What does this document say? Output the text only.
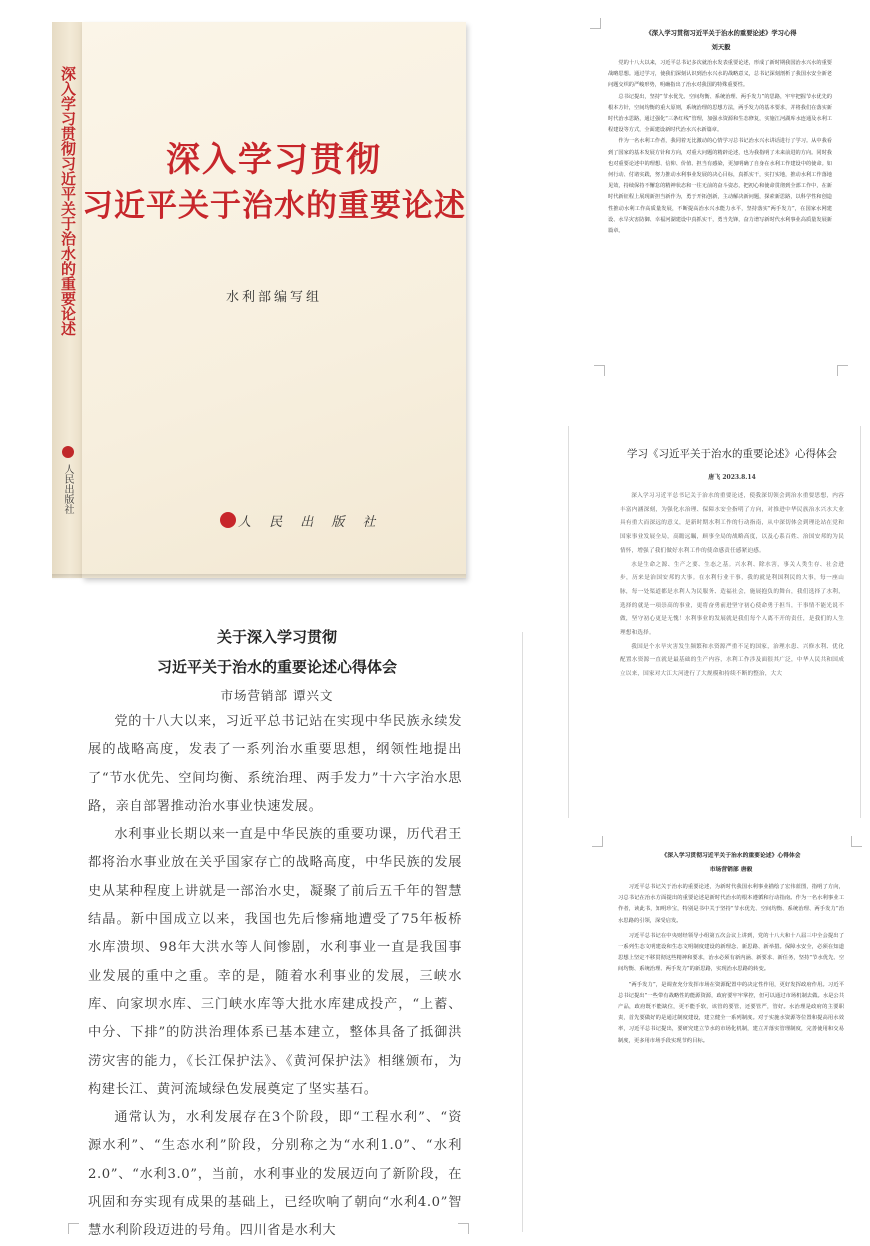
深入学习贯彻习近平关于治水的重要论述
人民出版社
深入学习贯彻
习近平关于治水的重要论述
水利部编写组
人 民 出 版 社
《深入学习贯彻习近平关于治水的重要论述》学习心得
刘天毅

党的十八大以来，习近平总书记多次就治水发表重要论述，形成了新时期我国治水兴水的重要战略思想。通过学习，使我们深刻认识到治水兴水的战略意义，总书记深刻剖析了我国水安全新老问题交织的严峻形势，明确指出了治水对我国的特殊重要性。

总书记提出，坚持“节水优先、空间均衡、系统治理、两手发力”的思路，牢牢把握节水优先的根本方针，空间均衡的重大原则，系统治理的思想方法，两手发力的基本要求，并将我们在落实新时代治水思路，通过强化“三条红线”管理，加强水资源和生态修复，实施江河湖库水连通及水利工程建设等方式，全面建设新时代治水兴水新篇章。

作为一名水利工作者，我同着无比激动的心情学习总书记治水兴水讲话进行了学习。从中我看到了国家的基本发展方针和方向，对重大问题的精辟论述，也为我指明了未来前进的方向。同时我也对重要论述中的理想、信仰、价值、担当有感染，更加明确了自身在水利工作建设中的使命。如何行动、付诸实践，努力推动水利事业发展的决心目标，真抓实干，实打实地，推动水利工作落地见效，持续保持不懈怠的精神状态和一往无前的奋斗姿态，把初心和使命贯彻到全部工作中，在新时代新征程上展现新担当新作为，勇于开拓创新，主动解决新问题，探索新思路，以科学性和创造性推动水利工作高质量发展，不断提高治水兴水能力水平，坚持落实“两手发力”，在国家水网建设、水旱灾害防御、幸福河湖建设中真抓实干，勇当先锋，奋力谱写新时代水利事业高质量发展新篇章。

学习《习近平关于治水的重要论述》心得体会
唐飞 2023.8.14

深入学习习近平总书记关于治水的重要论述，使我深切领会到治水重要思想，内容丰富内涵深刻，为强化水治理、保障水安全指明了方向，对推进中华民族治水兴水大业具有重大而深远的意义，是新时期水利工作的行动指南，从中深切体会到理论站在党和国家事业发展全局，高瞻远瞩，顾事全局的战略高度，以及心系百姓、治国安邦的为民情怀，增强了我们做好水利工作的使命感责任感紧迫感。

水是生命之源、生产之要、生态之基。兴水利、除水害，事关人类生存、社会进步，历来是治国安邦的大事。在水利行业干事，我的就是利国利民的大事，每一座山脉，每一处渠道都是水利人为民服务、造福社会，施展抱负的舞台，我们选择了水利，选择的就是一项崇高的事业，更将奋勇前进坚守初心使命勇于担当，干事情不能光说不做，坚守初心更是无愧！水利事业的发展就是我们每个人离不开的责任，是我们的人生理想和选择。

我国是个水旱灾害发生频繁和水资源严重不足的国家，治理水患、兴修水利、优化配置水资源一直就是最基础的生产内容，水利工作涉及面很其广泛，中华人民共和国成立以来，国家对大江大河进行了大规模和持续不断的整治，大大

《深入学习贯彻习近平关于治水的重要论述》心得体会
市场营销部 唐毅

习近平总书记关于治水的重要论述，为新时代我国水利事业描绘了宏伟蓝图，指明了方向，习总书记在治水方面提出的重要论述是新时代治水的根本遵循和行动指南。作为一名水利事业工作者，读此书，知明珍宝，特别是书中关于坚持“节水优先、空间均衡、系统治理、两手发力”治水思路的引领，深受启发。

习近平总书记在中央财经领导小组第五次会议上讲到，党的十八大和十八届三中全会提出了一系列生态文明建设和生态文明制度建设的新理念、新思路、新举措。保障水安全，必须在知道思想上坚定不移贯彻这些精神和要求，治水必须有新内涵、新要求、新任务，坚持“节水优先、空间均衡、系统治理、两手发力”的新思路，实现治水思路的转变。

“两手发力”，是调查充分发挥市场在资源配置中的决定性作用，更好发挥政府作用。习近平总书记提出“一些带有战略性的能源资源，政府要牢牢掌控，但可以通过市场机制去做。水是公共产品，政府既不能缺位，更不能手软，该管的要管，还要管严，管好。水治理是政府的主要职责，首先要做好的是通过制度建设，建立健全一系列制度。对于实施水资源等位置和提高用水效率，习近平总书记提出，要研究建立节水的市场化机制，建立并落实管理制度，完善使用和交易制度，更多用市场手段实现节约目标。

关于深入学习贯彻
习近平关于治水的重要论述心得体会
市场营销部 谭兴文

党的十八大以来，习近平总书记站在实现中华民族永续发展的战略高度，发表了一系列治水重要思想，纲领性地提出了“节水优先、空间均衡、系统治理、两手发力”十六字治水思路，亲自部署推动治水事业快速发展。

水利事业长期以来一直是中华民族的重要功课，历代君王都将治水事业放在关乎国家存亡的战略高度，中华民族的发展史从某种程度上讲就是一部治水史，凝聚了前后五千年的智慧结晶。新中国成立以来，我国也先后惨痛地遭受了75年板桥水库溃坝、98年大洪水等人间惨剧，水利事业一直是我国事业发展的重中之重。幸的是，随着水利事业的发展，三峡水库、向家坝水库、三门峡水库等大批水库建成投产，“上蓄、中分、下排”的防洪治理体系已基本建立，整体具备了抵御洪涝灾害的能力，《长江保护法》、《黄河保护法》相继颁布，为构建长江、黄河流域绿色发展奠定了坚实基石。

通常认为，水利发展存在3个阶段，即“工程水利”、“资源水利”、“生态水利”阶段，分别称之为“水利1.0”、“水利2.0”、“水利3.0”，当前，水利事业的发展迈向了新阶段，在巩固和夯实现有成果的基础上，已经吹响了朝向“水利4.0”智慧水利阶段迈进的号角。四川省是水利大
